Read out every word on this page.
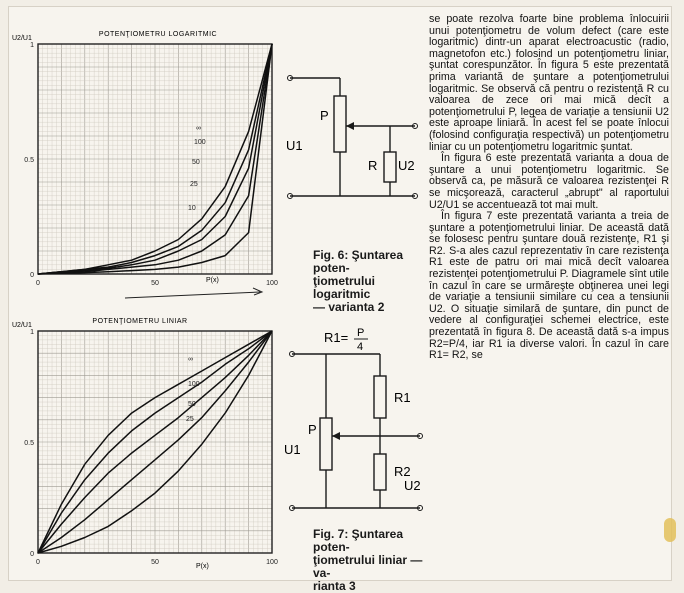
POTENŢIOMETRU LOGARITMIC
U2/U1
P(x)
0	50	100
0
0.5
1
∞
100
50
25
10
POTENŢIOMETRU LINIAR
U2/U1
P(x)
0	50	100
0
0.5
1
∞
100
50
25
P
U1
R U2
Fig. 6: Şuntarea poten-
ţiometrului logaritmic
— varianta 2
R1= P
4
P
R1
R2
U1
U2
Fig. 7: Şuntarea poten-
ţiometrului liniar — va-
rianta 3

se poate rezolva foarte bine problema înlocuirii unui potenţiometru de volum defect (care este logaritmic) dintr-un aparat electroacustic (radio, magnetofon etc.) folosind un potenţiometru liniar, şuntat corespunzător. În figura 5 este prezentată prima variantă de şuntare a potenţiometrului logaritmic. Se observă că pentru o rezistenţă R cu valoarea de zece ori mai mică decît a potenţiometrului P, legea de variaţie a tensiunii U2 este aproape liniară. În acest fel se poate înlocui (folosind configuraţia respectivă) un potenţiometru liniar cu un potenţiometru logaritmic şuntat.

În figura 6 este prezentată varianta a doua de şuntare a unui potenţiometru logaritmic. Se observă ca, pe măsură ce valoarea rezistenţei R se micşorează, caracterul „abrupt" al raportului U2/U1 se accentuează tot mai mult.

În figura 7 este prezentată varianta a treia de şuntare a potenţiometrului liniar. De această dată se folosesc pentru şuntare două rezistenţe, R1 şi R2. S-a ales cazul reprezentativ în care rezistenţa R1 este de patru ori mai mică decît valoarea rezistenţei potenţiometrului P. Diagramele sînt utile în cazul în care se urmăreşte obţinerea unei legi de variaţie a tensiunii similare cu cea a tensiunii U2. O situaţie similară de şuntare, din punct de vedere al configuraţiei schemei electrice, este prezentată în figura 8. De această dată s-a impus R2=P/4, iar R1 ia diverse valori. În cazul în care R1= R2, se
